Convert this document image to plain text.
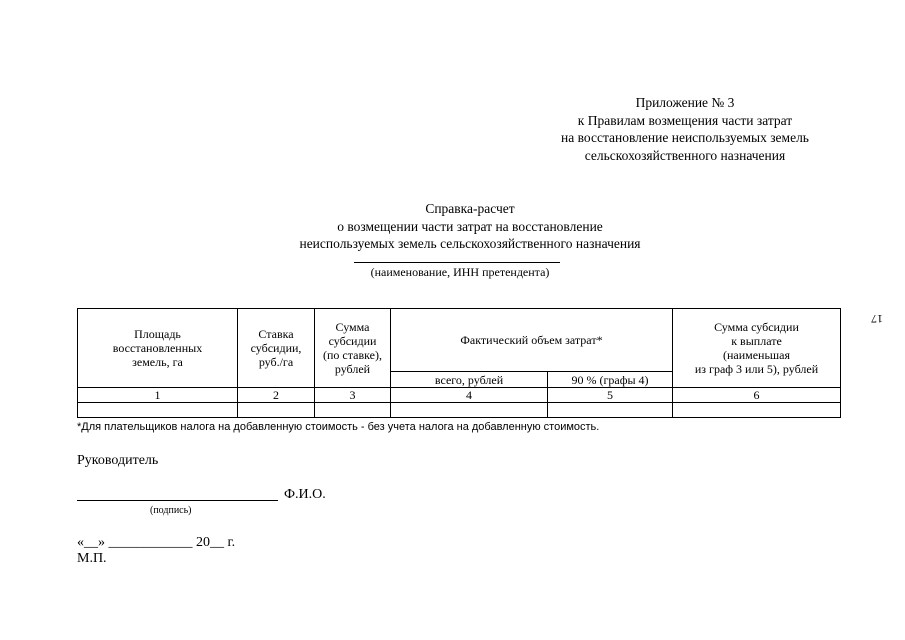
Приложение № 3
к Правилам возмещения части затрат
на восстановление неиспользуемых земель
сельскохозяйственного назначения
Справка-расчет
о возмещении части затрат на восстановление
неиспользуемых земель сельскохозяйственного назначения
(наименование, ИНН претендента)
17
Площадь
восстановленных
земель, га	Ставка
субсидии,
руб./га	Сумма
субсидии
(по ставке),
рублей	Фактический объем затрат*		Сумма субсидии
к выплате
(наименьшая
из граф 3 или 5), рублей
			всего, рублей	90 % (графы 4)	
1	2	3	4	5	6

*Для плательщиков налога на добавленную стоимость - без учета налога на добавленную стоимость.
Руководитель
Ф.И.О.
(подпись)
«__» ____________ 20__ г.
М.П.
